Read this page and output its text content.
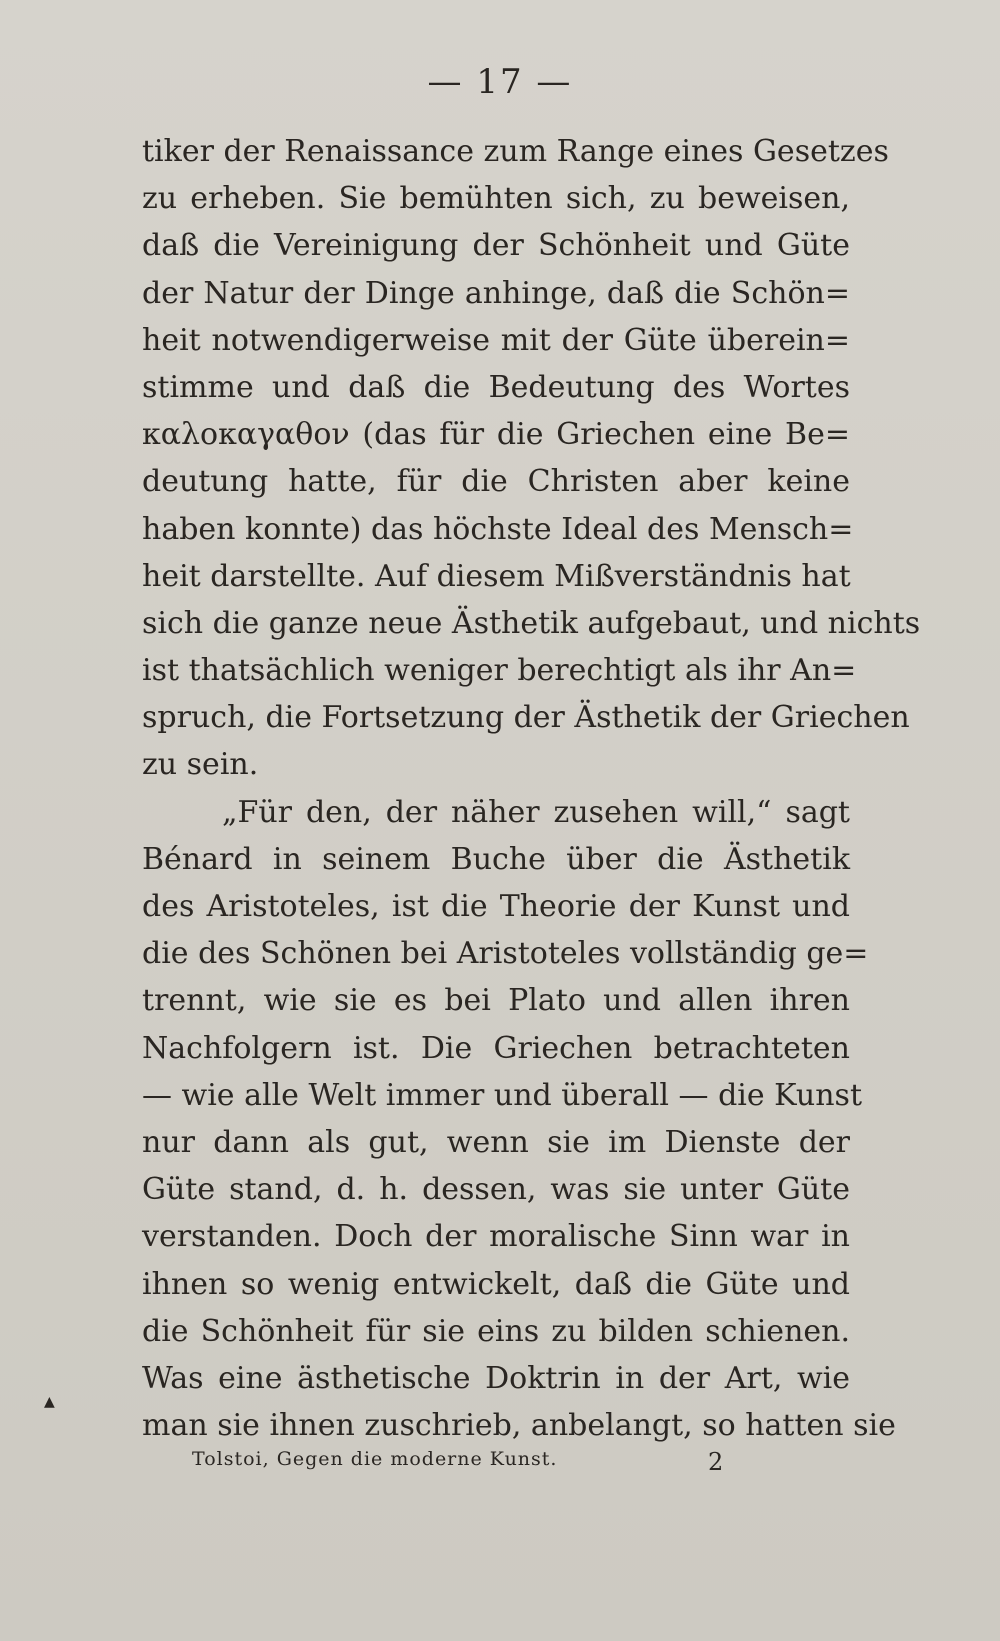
— 17 —
tiker der Renaissance zum Range eines Gesetzes
zu erheben. Sie bemühten sich, zu beweisen,
daß die Vereinigung der Schönheit und Güte
der Natur der Dinge anhinge, daß die Schön=
heit notwendigerweise mit der Güte überein=
stimme und daß die Bedeutung des Wortes
καλοκαγαθον (das für die Griechen eine Be=
deutung hatte, für die Christen aber keine
haben konnte) das höchste Ideal des Mensch=
heit darstellte. Auf diesem Mißverständnis hat
sich die ganze neue Ästhetik aufgebaut, und nichts
ist thatsächlich weniger berechtigt als ihr An=
spruch, die Fortsetzung der Ästhetik der Griechen
zu sein.
„Für den, der näher zusehen will,“ sagt
Bénard in seinem Buche über die Ästhetik
des Aristoteles, ist die Theorie der Kunst und
die des Schönen bei Aristoteles vollständig ge=
trennt, wie sie es bei Plato und allen ihren
Nachfolgern ist. Die Griechen betrachteten
— wie alle Welt immer und überall — die Kunst
nur dann als gut, wenn sie im Dienste der
Güte stand, d. h. dessen, was sie unter Güte
verstanden. Doch der moralische Sinn war in
ihnen so wenig entwickelt, daß die Güte und
die Schönheit für sie eins zu bilden schienen.
Was eine ästhetische Doktrin in der Art, wie
man sie ihnen zuschrieb, anbelangt, so hatten sie
Tolstoi, Gegen die moderne Kunst.	2
▲
